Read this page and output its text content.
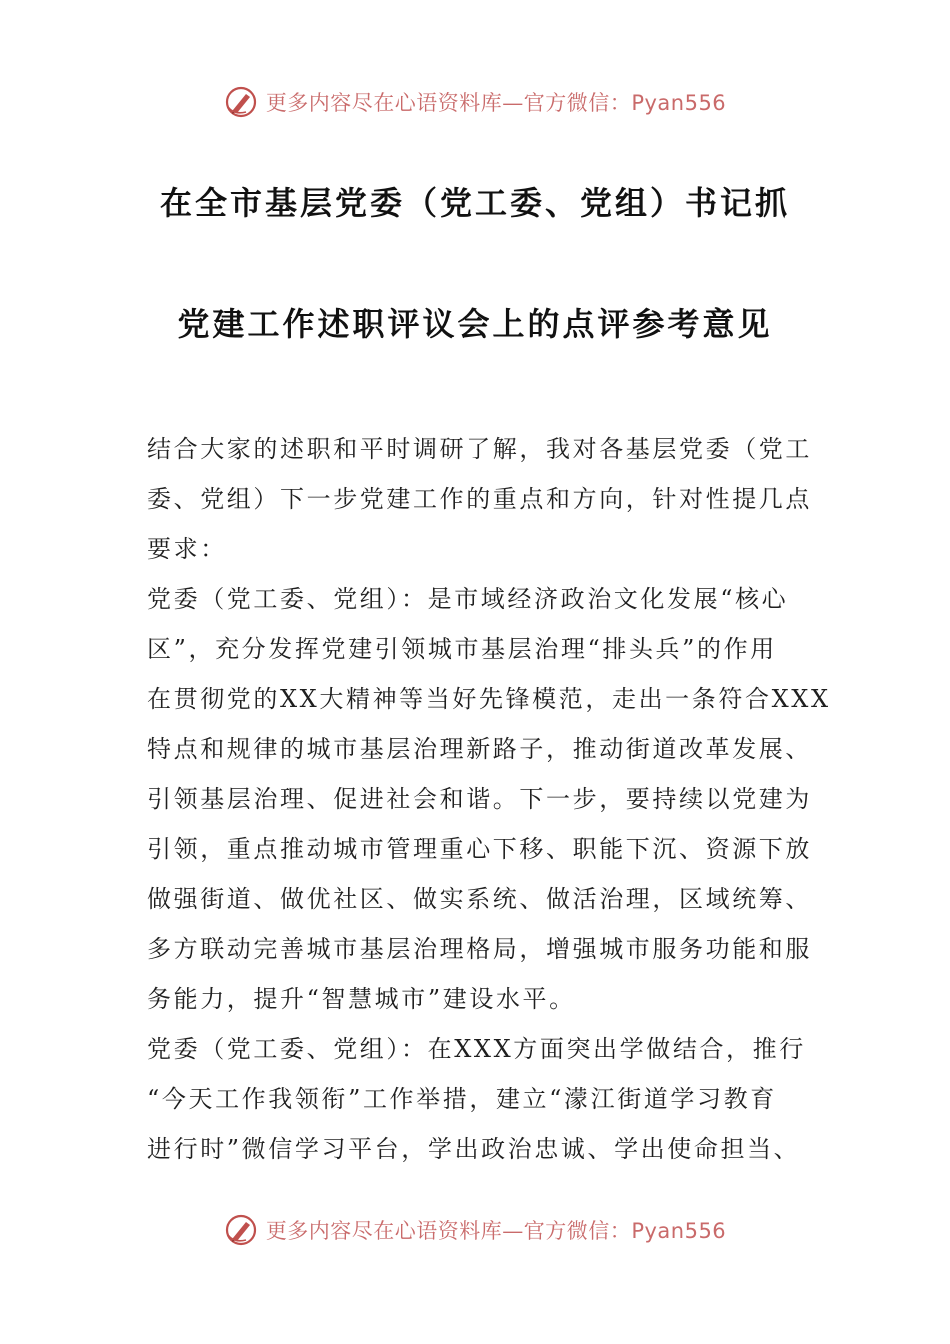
更多内容尽在心语资料库—官方微信：Pyan556
在全市基层党委（党工委、党组）书记抓
党建工作述职评议会上的点评参考意见
结合大家的述职和平时调研了解，我对各基层党委（党工
委、党组）下一步党建工作的重点和方向，针对性提几点
要求：
党委（党工委、党组）：是市域经济政治文化发展“核心
区”，充分发挥党建引领城市基层治理“排头兵”的作用
在贯彻党的XX大精神等当好先锋模范，走出一条符合XXX
特点和规律的城市基层治理新路子，推动街道改革发展、
引领基层治理、促进社会和谐。下一步，要持续以党建为
引领，重点推动城市管理重心下移、职能下沉、资源下放
做强街道、做优社区、做实系统、做活治理，区域统筹、
多方联动完善城市基层治理格局，增强城市服务功能和服
务能力，提升“智慧城市”建设水平。
党委（党工委、党组）：在XXX方面突出学做结合，推行
“今天工作我领衔”工作举措，建立“濛江街道学习教育
进行时”微信学习平台，学出政治忠诚、学出使命担当、
更多内容尽在心语资料库—官方微信：Pyan556
